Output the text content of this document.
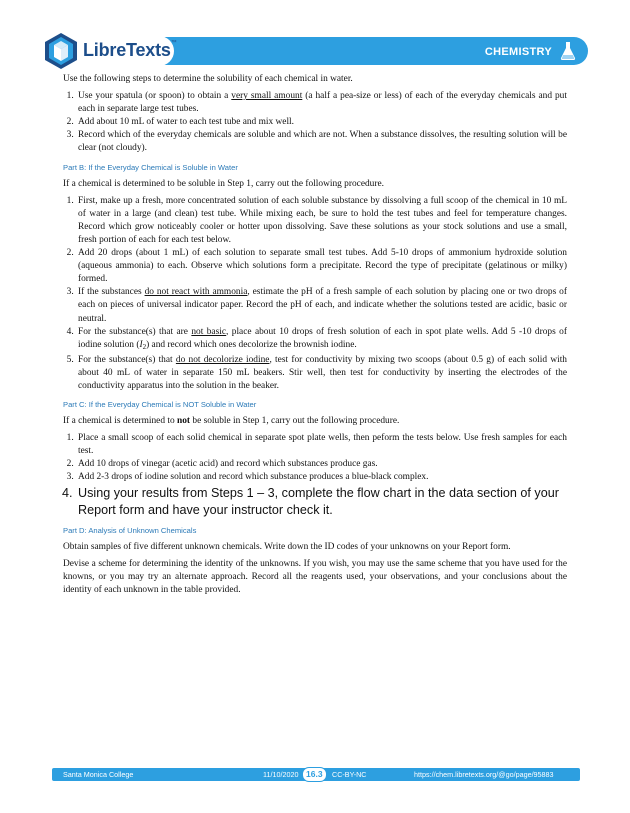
LibreTexts™
CHEMISTRY

Use the following steps to determine the solubility of each chemical in water.

1. Use your spatula (or spoon) to obtain a very small amount (a half a pea-size or less) of each of the everyday chemicals and put each in separate large test tubes.
2. Add about 10 mL of water to each test tube and mix well.
3. Record which of the everyday chemicals are soluble and which are not. When a substance dissolves, the resulting solution will be clear (not cloudy).
Part B: If the Everyday Chemical is Soluble in Water

If a chemical is determined to be soluble in Step 1, carry out the following procedure.

1. First, make up a fresh, more concentrated solution of each soluble substance by dissolving a full scoop of the chemical in 10 mL of water in a large (and clean) test tube. While mixing each, be sure to hold the test tubes and feel for temperature changes. Record which grow noticeably cooler or hotter upon dissolving. Save these solutions as your stock solutions and use a small, fresh portion of each for each test below.
2. Add 20 drops (about 1 mL) of each solution to separate small test tubes. Add 5-10 drops of ammonium hydroxide solution (aqueous ammonia) to each. Observe which solutions form a precipitate. Record the type of precipitate (gelatinous or milky) formed.
3. If the substances do not react with ammonia, estimate the pH of a fresh sample of each solution by placing one or two drops of each on pieces of universal indicator paper. Record the pH of each, and indicate whether the solutions tested are acidic, basic or neutral.
4. For the substance(s) that are not basic, place about 10 drops of fresh solution of each in spot plate wells. Add 5 -10 drops of iodine solution $(I_2)$ and record which ones decolorize the brownish iodine.
5. For the substance(s) that do not decolorize iodine, test for conductivity by mixing two scoops (about 0.5 g) of each solid with about 40 mL of water in separate 150 mL beakers. Stir well, then test for conductivity by inserting the electrodes of the conductivity apparatus into the solution in the beaker.
Part C: If the Everyday Chemical is NOT Soluble in Water

If a chemical is determined to not be soluble in Step 1, carry out the following procedure.

1. Place a small scoop of each solid chemical in separate spot plate wells, then peform the tests below. Use fresh samples for each test.
2. Add 10 drops of vinegar (acetic acid) and record which substances produce gas.
3. Add 2-3 drops of iodine solution and record which substance produces a blue-black complex.
4. Using your results from Steps 1 – 3, complete the flow chart in the data section of your Report form and have your instructor check it.
Part D: Analysis of Unknown Chemicals

Obtain samples of five different unknown chemicals. Write down the ID codes of your unknowns on your Report form.

Devise a scheme for determining the identity of the unknowns. If you wish, you may use the same scheme that you have used for the knowns, or you may try an alternate approach. Record all the reagents used, your observations, and your conclusions about the identity of each unknown in the table provided.

Santa Monica College	11/10/2020 16.3	CC-BY-NC	https://chem.libretexts.org/@go/page/95883
